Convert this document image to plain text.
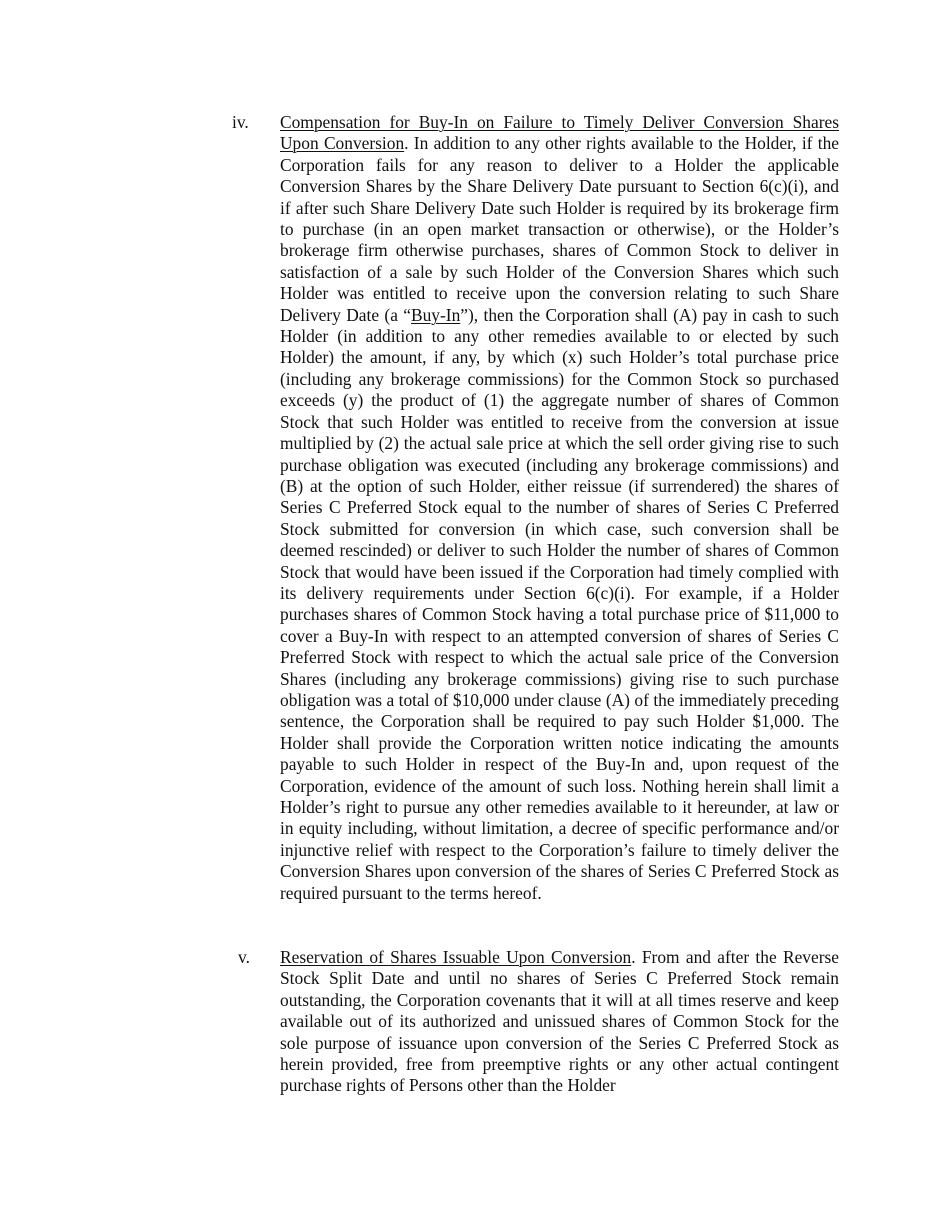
iv. Compensation for Buy-In on Failure to Timely Deliver Conversion Shares Upon Conversion. In addition to any other rights available to the Holder, if the Corporation fails for any reason to deliver to a Holder the applicable Conversion Shares by the Share Delivery Date pursuant to Section 6(c)(i), and if after such Share Delivery Date such Holder is required by its brokerage firm to purchase (in an open market transaction or otherwise), or the Holder’s brokerage firm otherwise purchases, shares of Common Stock to deliver in satisfaction of a sale by such Holder of the Conversion Shares which such Holder was entitled to receive upon the conversion relating to such Share Delivery Date (a “Buy-In”), then the Corporation shall (A) pay in cash to such Holder (in addition to any other remedies available to or elected by such Holder) the amount, if any, by which (x) such Holder’s total purchase price (including any brokerage commissions) for the Common Stock so purchased exceeds (y) the product of (1) the aggregate number of shares of Common Stock that such Holder was entitled to receive from the conversion at issue multiplied by (2) the actual sale price at which the sell order giving rise to such purchase obligation was executed (including any brokerage commissions) and (B) at the option of such Holder, either reissue (if surrendered) the shares of Series C Preferred Stock equal to the number of shares of Series C Preferred Stock submitted for conversion (in which case, such conversion shall be deemed rescinded) or deliver to such Holder the number of shares of Common Stock that would have been issued if the Corporation had timely complied with its delivery requirements under Section 6(c)(i). For example, if a Holder purchases shares of Common Stock having a total purchase price of $11,000 to cover a Buy-In with respect to an attempted conversion of shares of Series C Preferred Stock with respect to which the actual sale price of the Conversion Shares (including any brokerage commissions) giving rise to such purchase obligation was a total of $10,000 under clause (A) of the immediately preceding sentence, the Corporation shall be required to pay such Holder $1,000. The Holder shall provide the Corporation written notice indicating the amounts payable to such Holder in respect of the Buy-In and, upon request of the Corporation, evidence of the amount of such loss. Nothing herein shall limit a Holder’s right to pursue any other remedies available to it hereunder, at law or in equity including, without limitation, a decree of specific performance and/or injunctive relief with respect to the Corporation’s failure to timely deliver the Conversion Shares upon conversion of the shares of Series C Preferred Stock as required pursuant to the terms hereof.
v. Reservation of Shares Issuable Upon Conversion. From and after the Reverse Stock Split Date and until no shares of Series C Preferred Stock remain outstanding, the Corporation covenants that it will at all times reserve and keep available out of its authorized and unissued shares of Common Stock for the sole purpose of issuance upon conversion of the Series C Preferred Stock as herein provided, free from preemptive rights or any other actual contingent purchase rights of Persons other than the Holder
